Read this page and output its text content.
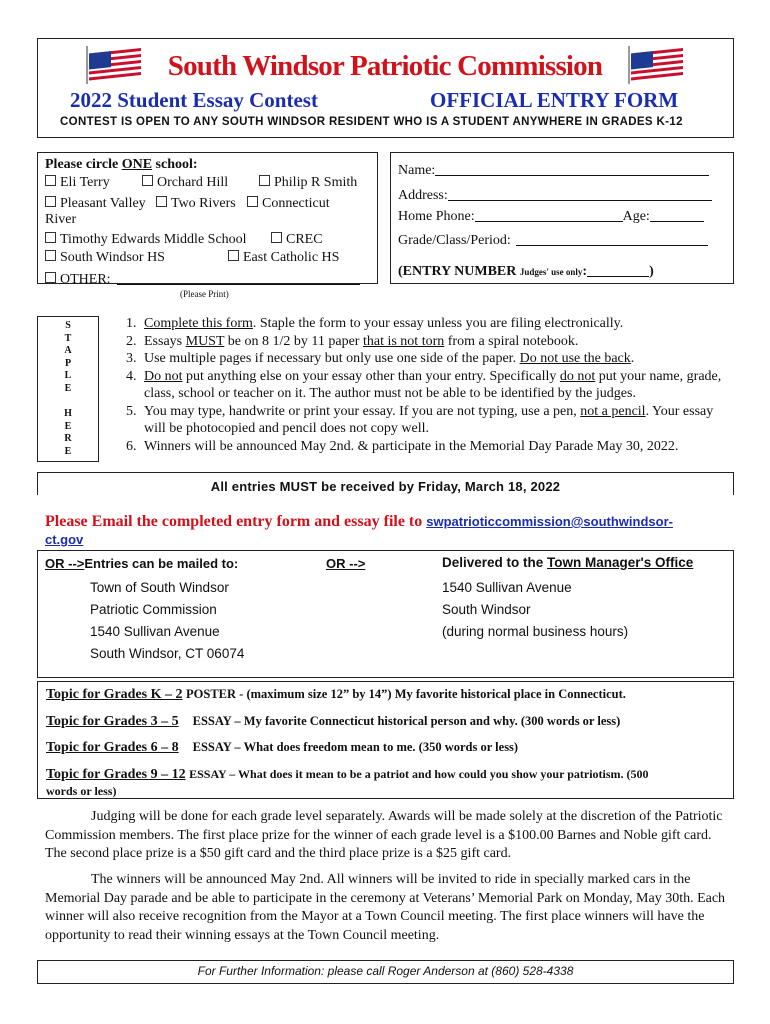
South Windsor Patriotic Commission
2022 Student Essay Contest	OFFICIAL ENTRY FORM
CONTEST IS OPEN TO ANY SOUTH WINDSOR RESIDENT WHO IS A STUDENT ANYWHERE IN GRADES K-12
Please circle ONE school:
Eli Terry	Orchard Hill	Philip R Smith
Pleasant Valley	Two Rivers	Connecticut
River
Timothy Edwards Middle School	CREC
South Windsor HS	East Catholic HS
OTHER:
(Please Print)
Name:
Address:
Home Phone:	Age:
Grade/Class/Period:
(ENTRY NUMBER Judges' use only:	)
S
T
A
P
L
E
H
E
R
E
1. Complete this form. Staple the form to your essay unless you are filing electronically.
2. Essays MUST be on 8 1/2 by 11 paper that is not torn from a spiral notebook.
3. Use multiple pages if necessary but only use one side of the paper. Do not use the back.
4. Do not put anything else on your essay other than your entry. Specifically do not put your name, grade, class, school or teacher on it. The author must not be able to be identified by the judges.
5. You may type, handwrite or print your essay. If you are not typing, use a pen, not a pencil. Your essay will be photocopied and pencil does not copy well.
6. Winners will be announced May 2nd. & participate in the Memorial Day Parade May 30, 2022.
All entries MUST be received by Friday, March 18, 2022
Please Email the completed entry form and essay file to swpatrioticcommission@southwindsor-
ct.gov
OR -->Entries can be mailed to:
Town of South Windsor
Patriotic Commission
1540 Sullivan Avenue
South Windsor, CT 06074
OR -->	Delivered to the Town Manager's Office
1540 Sullivan Avenue
South Windsor
(during normal business hours)
Topic for Grades K – 2 POSTER - (maximum size 12” by 14”) My favorite historical place in Connecticut.
Topic for Grades 3 – 5 ESSAY – My favorite Connecticut historical person and why. (300 words or less)
Topic for Grades 6 – 8 ESSAY – What does freedom mean to me. (350 words or less)
Topic for Grades 9 – 12 ESSAY – What does it mean to be a patriot and how could you show your patriotism. (500
words or less)
Judging will be done for each grade level separately. Awards will be made solely at the discretion of the Patriotic Commission members. The first place prize for the winner of each grade level is a $100.00 Barnes and Noble gift card. The second place prize is a $50 gift card and the third place prize is a $25 gift card.
The winners will be announced May 2nd. All winners will be invited to ride in specially marked cars in the Memorial Day parade and be able to participate in the ceremony at Veterans’ Memorial Park on Monday, May 30th. Each winner will also receive recognition from the Mayor at a Town Council meeting. The first place winners will have the opportunity to read their winning essays at the Town Council meeting.
For Further Information: please call Roger Anderson at (860) 528-4338
